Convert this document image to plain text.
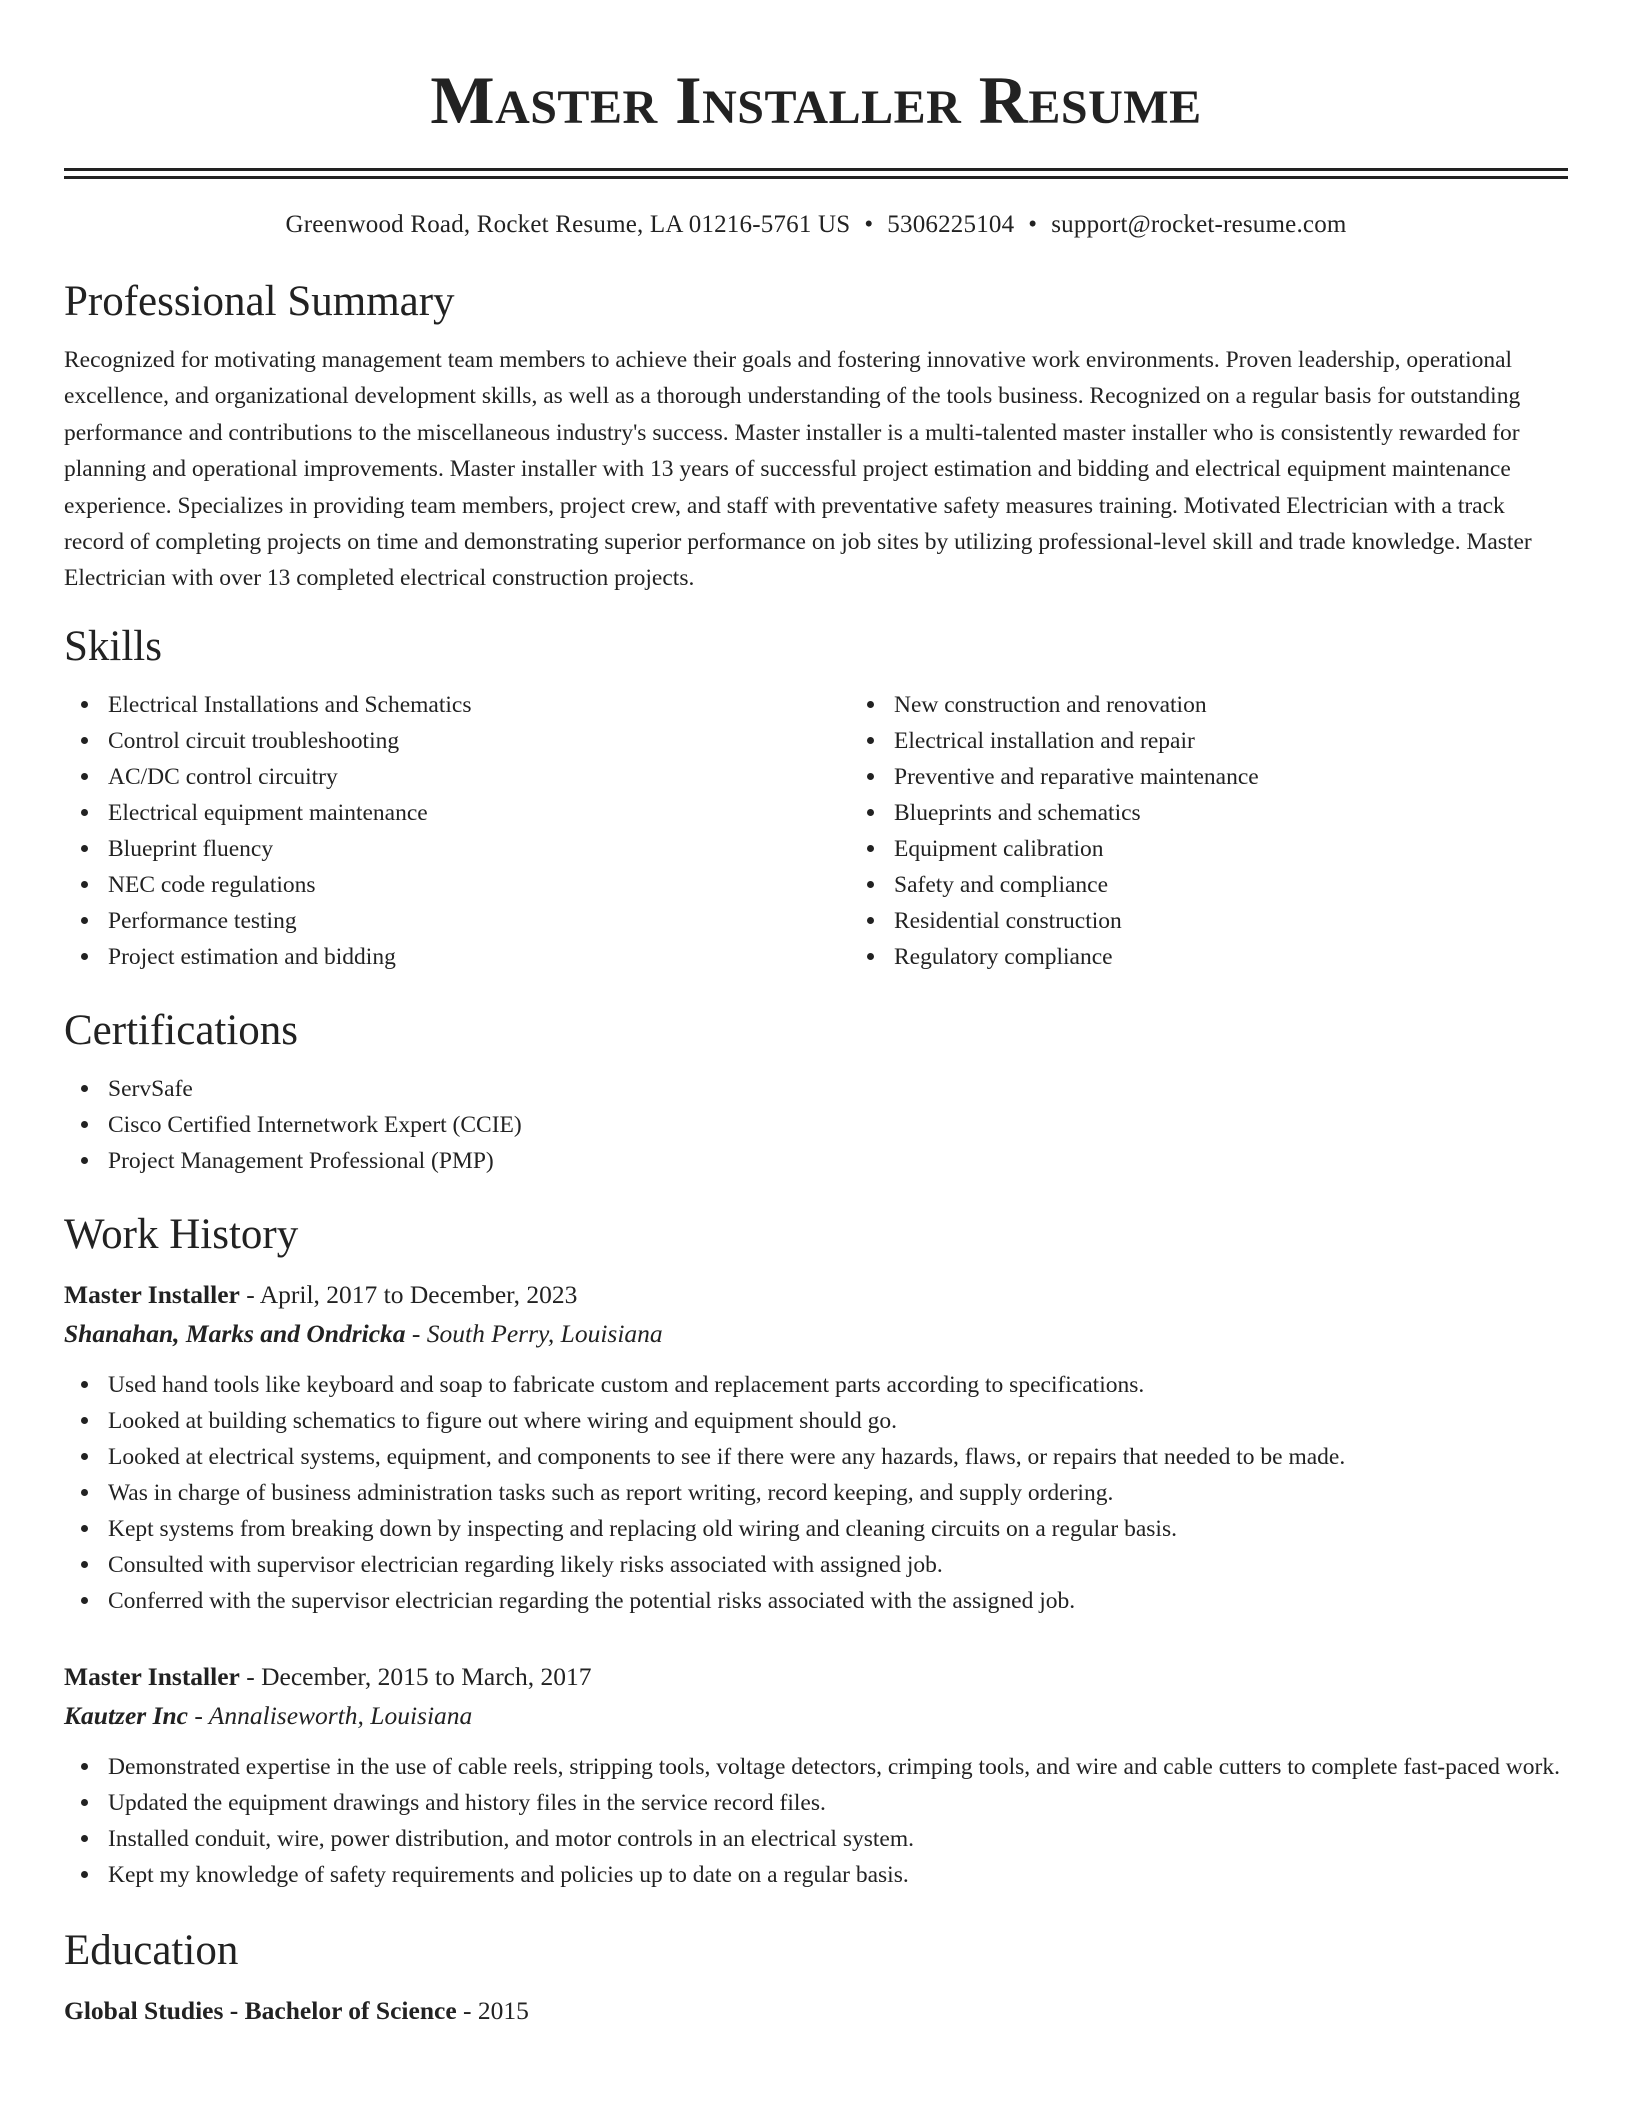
Master Installer Resume
Greenwood Road, Rocket Resume, LA 01216-5761 US • 5306225104 • support@rocket-resume.com
Professional Summary

Recognized for motivating management team members to achieve their goals and fostering innovative work environments. Proven leadership, operational excellence, and organizational development skills, as well as a thorough understanding of the tools business. Recognized on a regular basis for outstanding performance and contributions to the miscellaneous industry's success. Master installer is a multi-talented master installer who is consistently rewarded for planning and operational improvements. Master installer with 13 years of successful project estimation and bidding and electrical equipment maintenance experience. Specializes in providing team members, project crew, and staff with preventative safety measures training. Motivated Electrician with a track record of completing projects on time and demonstrating superior performance on job sites by utilizing professional-level skill and trade knowledge. Master Electrician with over 13 completed electrical construction projects.

Skills
Electrical Installations and Schematics
Control circuit troubleshooting
AC/DC control circuitry
Electrical equipment maintenance
Blueprint fluency
NEC code regulations
Performance testing
Project estimation and bidding
New construction and renovation
Electrical installation and repair
Preventive and reparative maintenance
Blueprints and schematics
Equipment calibration
Safety and compliance
Residential construction
Regulatory compliance
Certifications
ServSafe
Cisco Certified Internetwork Expert (CCIE)
Project Management Professional (PMP)
Work History
Master Installer - April, 2017 to December, 2023
Shanahan, Marks and Ondricka - South Perry, Louisiana
Used hand tools like keyboard and soap to fabricate custom and replacement parts according to specifications.
Looked at building schematics to figure out where wiring and equipment should go.
Looked at electrical systems, equipment, and components to see if there were any hazards, flaws, or repairs that needed to be made.
Was in charge of business administration tasks such as report writing, record keeping, and supply ordering.
Kept systems from breaking down by inspecting and replacing old wiring and cleaning circuits on a regular basis.
Consulted with supervisor electrician regarding likely risks associated with assigned job.
Conferred with the supervisor electrician regarding the potential risks associated with the assigned job.
Master Installer - December, 2015 to March, 2017
Kautzer Inc - Annaliseworth, Louisiana
Demonstrated expertise in the use of cable reels, stripping tools, voltage detectors, crimping tools, and wire and cable cutters to complete fast-paced work.
Updated the equipment drawings and history files in the service record files.
Installed conduit, wire, power distribution, and motor controls in an electrical system.
Kept my knowledge of safety requirements and policies up to date on a regular basis.
Education
Global Studies - Bachelor of Science - 2015
